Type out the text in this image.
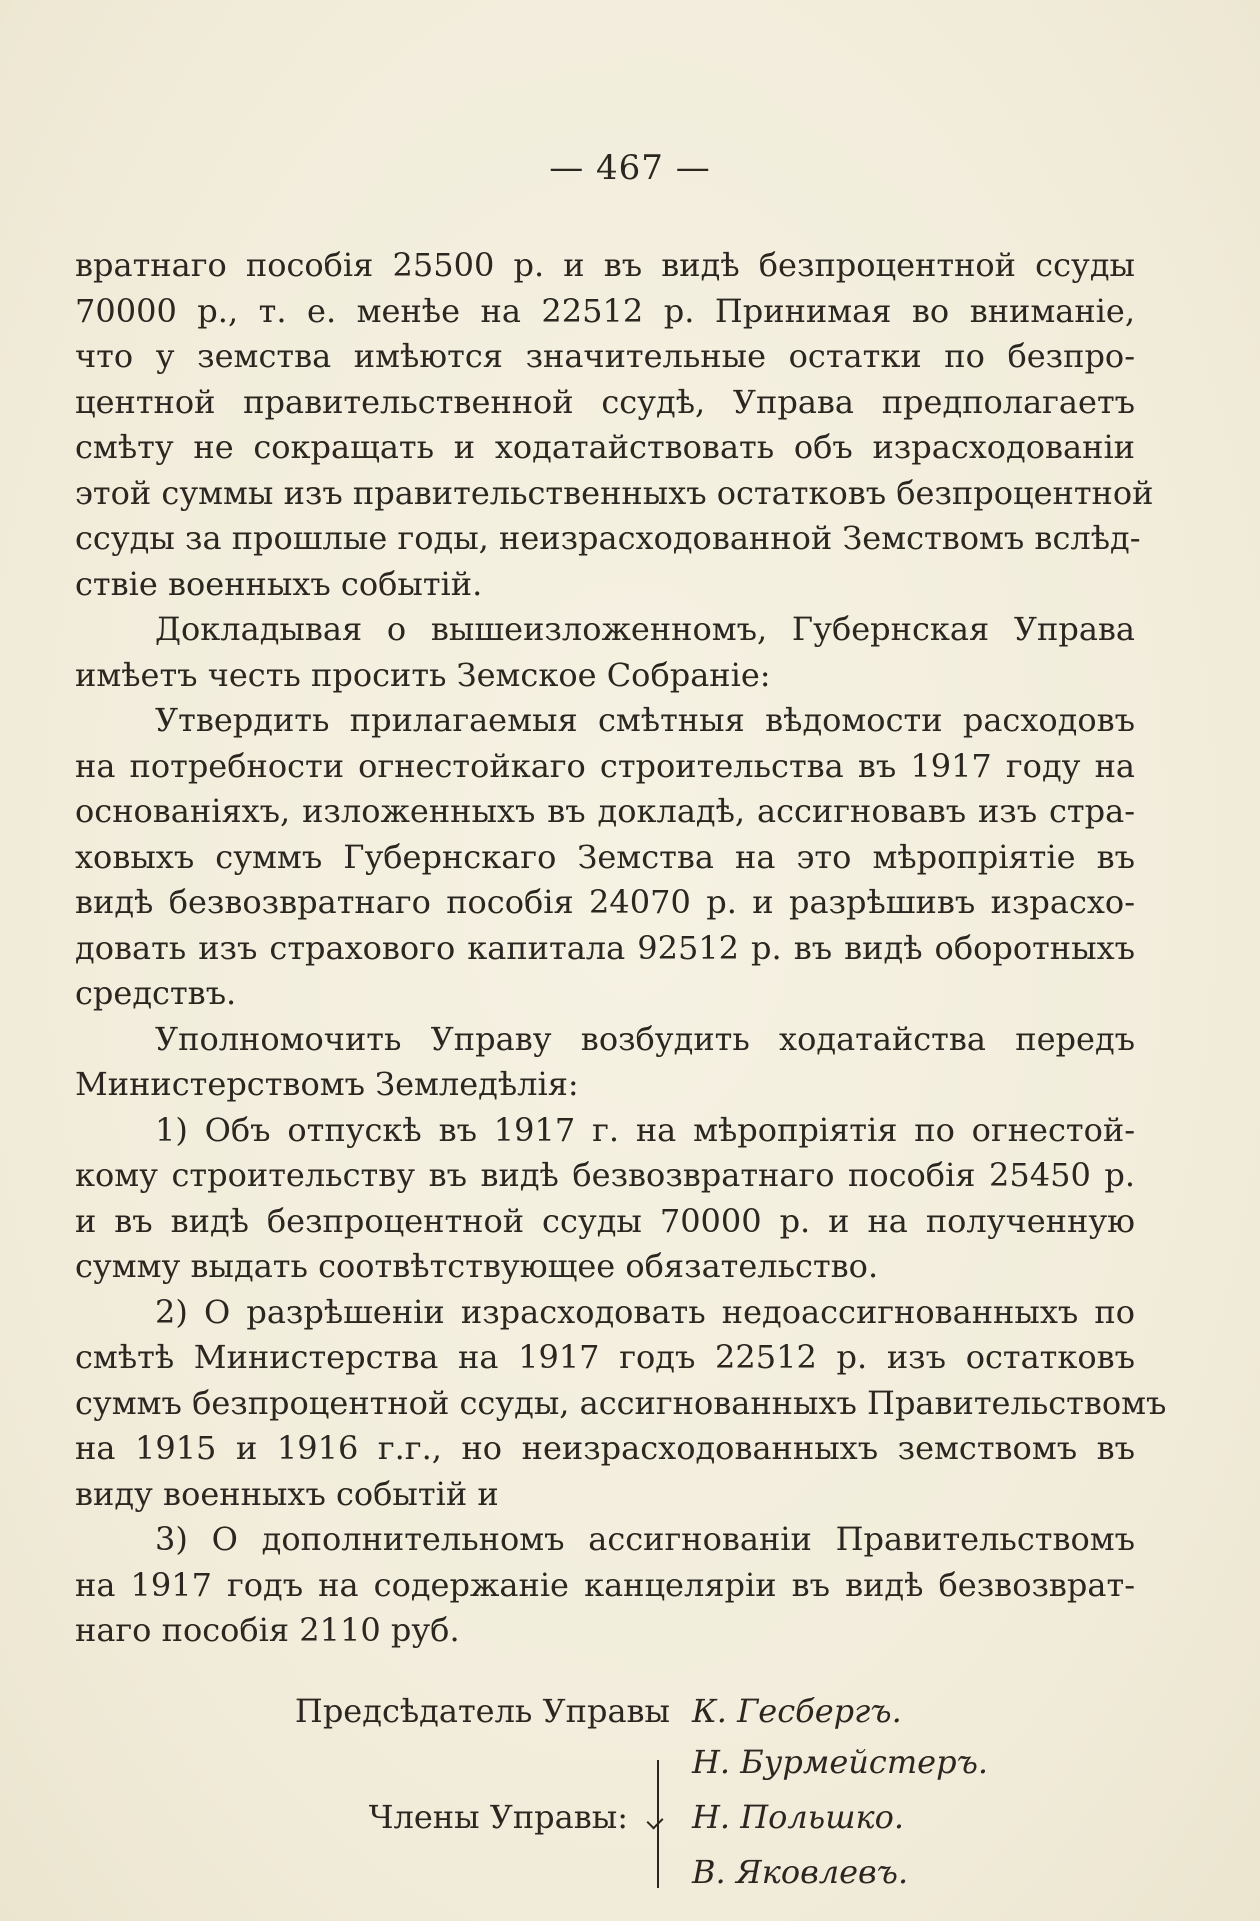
— 467 —
вратнаго пособія 25500 р. и въ видѣ безпроцентной ссуды
70000 р., т. е. менѣе на 22512 р. Принимая во вниманіе,
что у земства имѣются значительные остатки по безпро-
центной правительственной ссудѣ, Управа предполагаетъ
смѣту не сокращать и ходатайствовать объ израсходованіи
этой суммы изъ правительственныхъ остатковъ безпроцентной
ссуды за прошлые годы, неизрасходованной Земствомъ вслѣд-
ствіе военныхъ событій.
Докладывая о вышеизложенномъ, Губернская Управа
имѣетъ честь просить Земское Собраніе:
Утвердить прилагаемыя смѣтныя вѣдомости расходовъ
на потребности огнестойкаго строительства въ 1917 году на
основаніяхъ, изложенныхъ въ докладѣ, ассигновавъ изъ стра-
ховыхъ суммъ Губернскаго Земства на это мѣропріятіе въ
видѣ безвозвратнаго пособія 24070 р. и разрѣшивъ израсхо-
довать изъ страхового капитала 92512 р. въ видѣ оборотныхъ
средствъ.
Уполномочить Управу возбудить ходатайства передъ
Министерствомъ Земледѣлія:
1) Объ отпускѣ въ 1917 г. на мѣропріятія по огнестой-
кому строительству въ видѣ безвозвратнаго пособія 25450 р.
и въ видѣ безпроцентной ссуды 70000 р. и на полученную
сумму выдать соотвѣтствующее обязательство.
2) О разрѣшеніи израсходовать недоассигнованныхъ по
смѣтѣ Министерства на 1917 годъ 22512 р. изъ остатковъ
суммъ безпроцентной ссуды, ассигнованныхъ Правительствомъ
на 1915 и 1916 г.г., но неизрасходованныхъ земствомъ въ
виду военныхъ событій и
3) О дополнительномъ ассигнованіи Правительствомъ
на 1917 годъ на содержаніе канцеляріи въ видѣ безвозврат-
наго пособія 2110 руб.
Предсѣдатель Управы К. Гесбергъ.
Члены Управы:
Н. Бурмейстеръ.
Н. Польшко.
В. Яковлевъ.
